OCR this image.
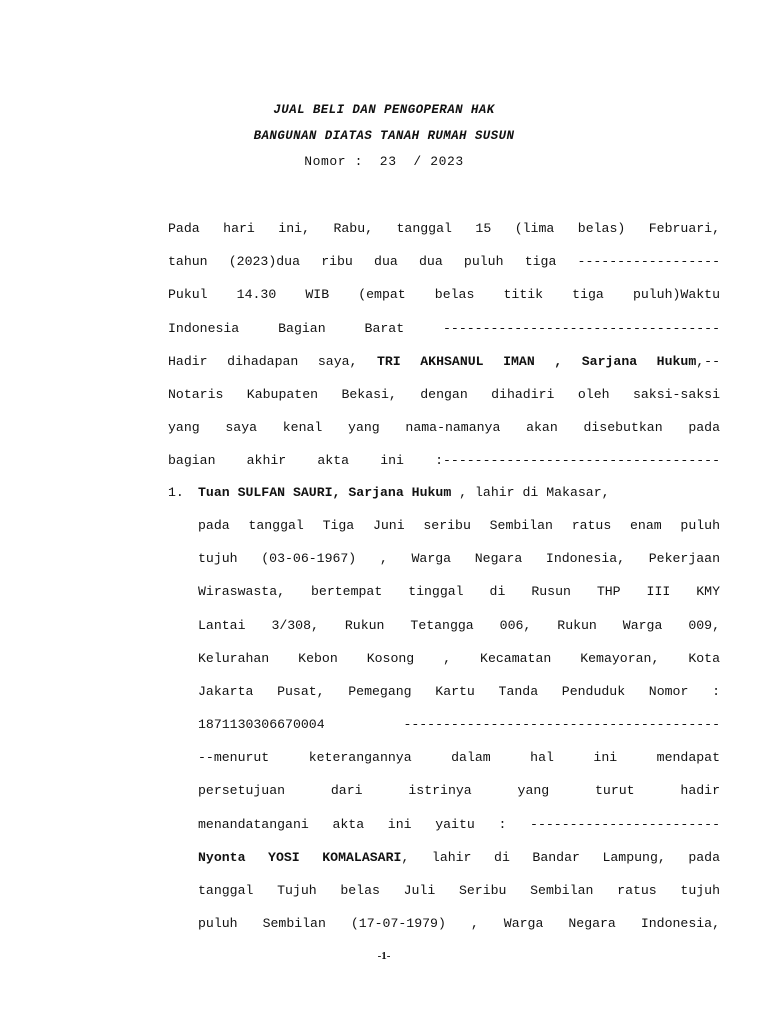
JUAL BELI DAN PENGOPERAN HAK
BANGUNAN DIATAS TANAH RUMAH SUSUN
Nomor :  23  / 2023
Pada hari ini, Rabu, tanggal 15 (lima belas) Februari,
tahun (2023)dua ribu dua dua puluh tiga ------------------
Pukul 14.30 WIB (empat belas titik tiga puluh)Waktu
Indonesia Bagian Barat -----------------------------------
Hadir dihadapan saya, TRI AKHSANUL IMAN , Sarjana Hukum,--
Notaris Kabupaten Bekasi, dengan dihadiri oleh saksi-saksi
yang saya kenal yang nama-namanya akan disebutkan pada
bagian akhir akta ini :-----------------------------------
1. Tuan SULFAN SAURI, Sarjana Hukum , lahir di Makasar,
pada tanggal Tiga Juni seribu Sembilan ratus enam puluh
tujuh (03-06-1967) , Warga Negara Indonesia, Pekerjaan
Wiraswasta, bertempat tinggal di Rusun THP III KMY
Lantai 3/308, Rukun Tetangga 006, Rukun Warga 009,
Kelurahan Kebon Kosong , Kecamatan Kemayoran, Kota
Jakarta Pusat, Pemegang Kartu Tanda Penduduk Nomor :
1871130306670004 ----------------------------------------
--menurut keterangannya dalam hal ini mendapat
persetujuan dari istrinya yang turut hadir
menandatangani akta ini yaitu : ------------------------
Nyonta YOSI KOMALASARI, lahir di Bandar Lampung, pada
tanggal Tujuh belas Juli Seribu Sembilan ratus tujuh
puluh Sembilan (17-07-1979) , Warga Negara Indonesia,
-1-
